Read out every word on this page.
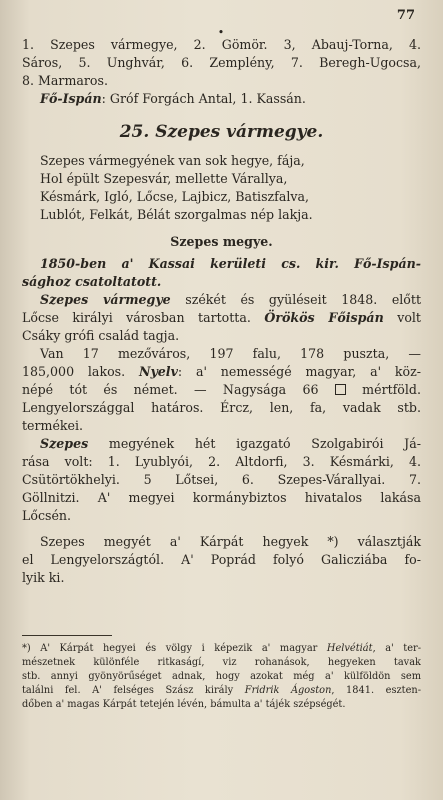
77
•
1. Szepes vármegye, 2. Gömör. 3, Abauj-Torna, 4.
Sáros, 5. Unghvár, 6. Zemplény, 7. Beregh-Ugocsa,
8. Marmaros.
Fő-Ispán: Gróf Forgách Antal, 1. Kassán.
25. Szepes vármegye.
Szepes vármegyének van sok hegye, fája,
Hol épült Szepesvár, mellette Várallya,
Késmárk, Igló, Lőcse, Lajbicz, Batiszfalva,
Lublót, Felkát, Bélát szorgalmas nép lakja.
Szepes megye.
1850-ben a' Kassai kerületi cs. kir. Fő-Ispán-
sághoz csatoltatott.
Szepes vármegye székét és gyüléseit 1848. előtt
Lőcse királyi városban tartotta. Örökös Főispán volt
Csáky grófi család tagja.
Van 17 mezőváros, 197 falu, 178 puszta, —
185,000 lakos. Nyelv: a' nemességé magyar, a' köz-
népé tót és német. — Nagysága 66	mértföld.
Lengyelországgal határos. Ércz, len, fa, vadak stb.
termékei.
Szepes megyének hét igazgató Szolgabirói Já-
rása volt: 1. Lyublyói, 2. Altdorfi, 3. Késmárki, 4.
Csütörtökhelyi. 5 Lőtsei, 6. Szepes-Várallyai. 7.
Göllnitzi. A' megyei kormánybiztos hivatalos lakása
Lőcsén.
Szepes megyét a' Kárpát hegyek *) választják
el Lengyelországtól. A' Poprád folyó Galicziába fo-
lyik ki.
*) A' Kárpát hegyei és völgy i képezik a' magyar Helvétiát, a' ter-
mészetnek különféle ritkaságí, viz rohanások, hegyeken tavak
stb. annyi gyönyörűséget adnak, hogy azokat még a' külföldön sem
találni fel. A' felséges Szász király Fridrik Ágoston, 1841. eszten-
dőben a' magas Kárpát tetején lévén, bámulta a' tájék szépségét.
